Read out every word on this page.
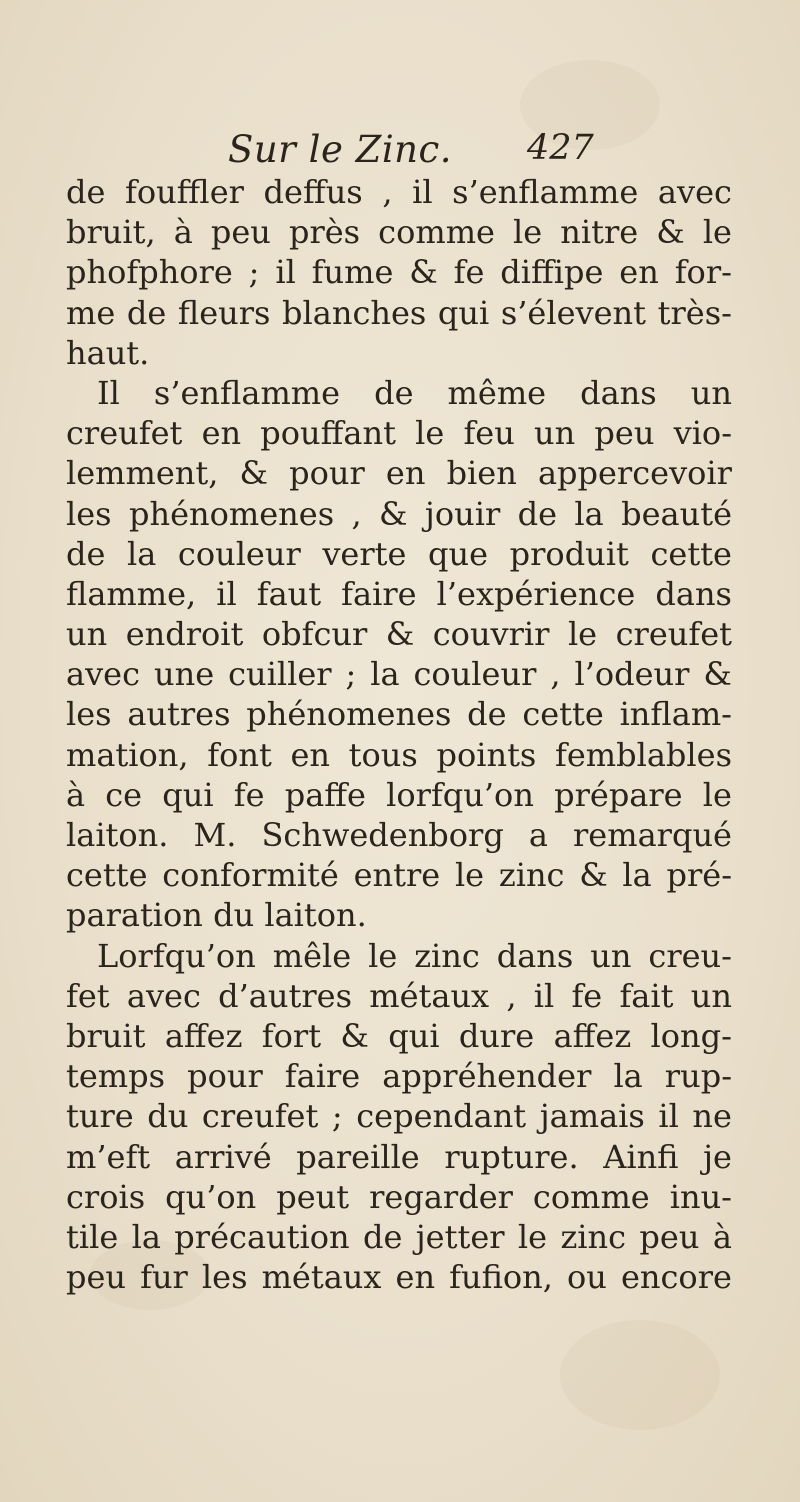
Sur le Zinc. 427
de fouffler deffus , il s’enflamme avec
bruit, à peu près comme le nitre & le
phofphore ; il fume & fe diffipe en for-
me de fleurs blanches qui s’élevent très-
haut.
Il s’enflamme de même dans un
creufet en pouffant le feu un peu vio-
lemment, & pour en bien appercevoir
les phénomenes , & jouir de la beauté
de la couleur verte que produit cette
flamme, il faut faire l’expérience dans
un endroit obfcur & couvrir le creufet
avec une cuiller ; la couleur , l’odeur &
les autres phénomenes de cette inflam-
mation, font en tous points femblables
à ce qui fe paffe lorfqu’on prépare le
laiton. M. Schwedenborg a remarqué
cette conformité entre le zinc & la pré-
paration du laiton.
Lorfqu’on mêle le zinc dans un creu-
fet avec d’autres métaux , il fe fait un
bruit affez fort & qui dure affez long-
temps pour faire appréhender la rup-
ture du creufet ; cependant jamais il ne
m’eft arrivé pareille rupture. Ainfi je
crois qu’on peut regarder comme inu-
tile la précaution de jetter le zinc peu à
peu fur les métaux en fufion, ou encore
